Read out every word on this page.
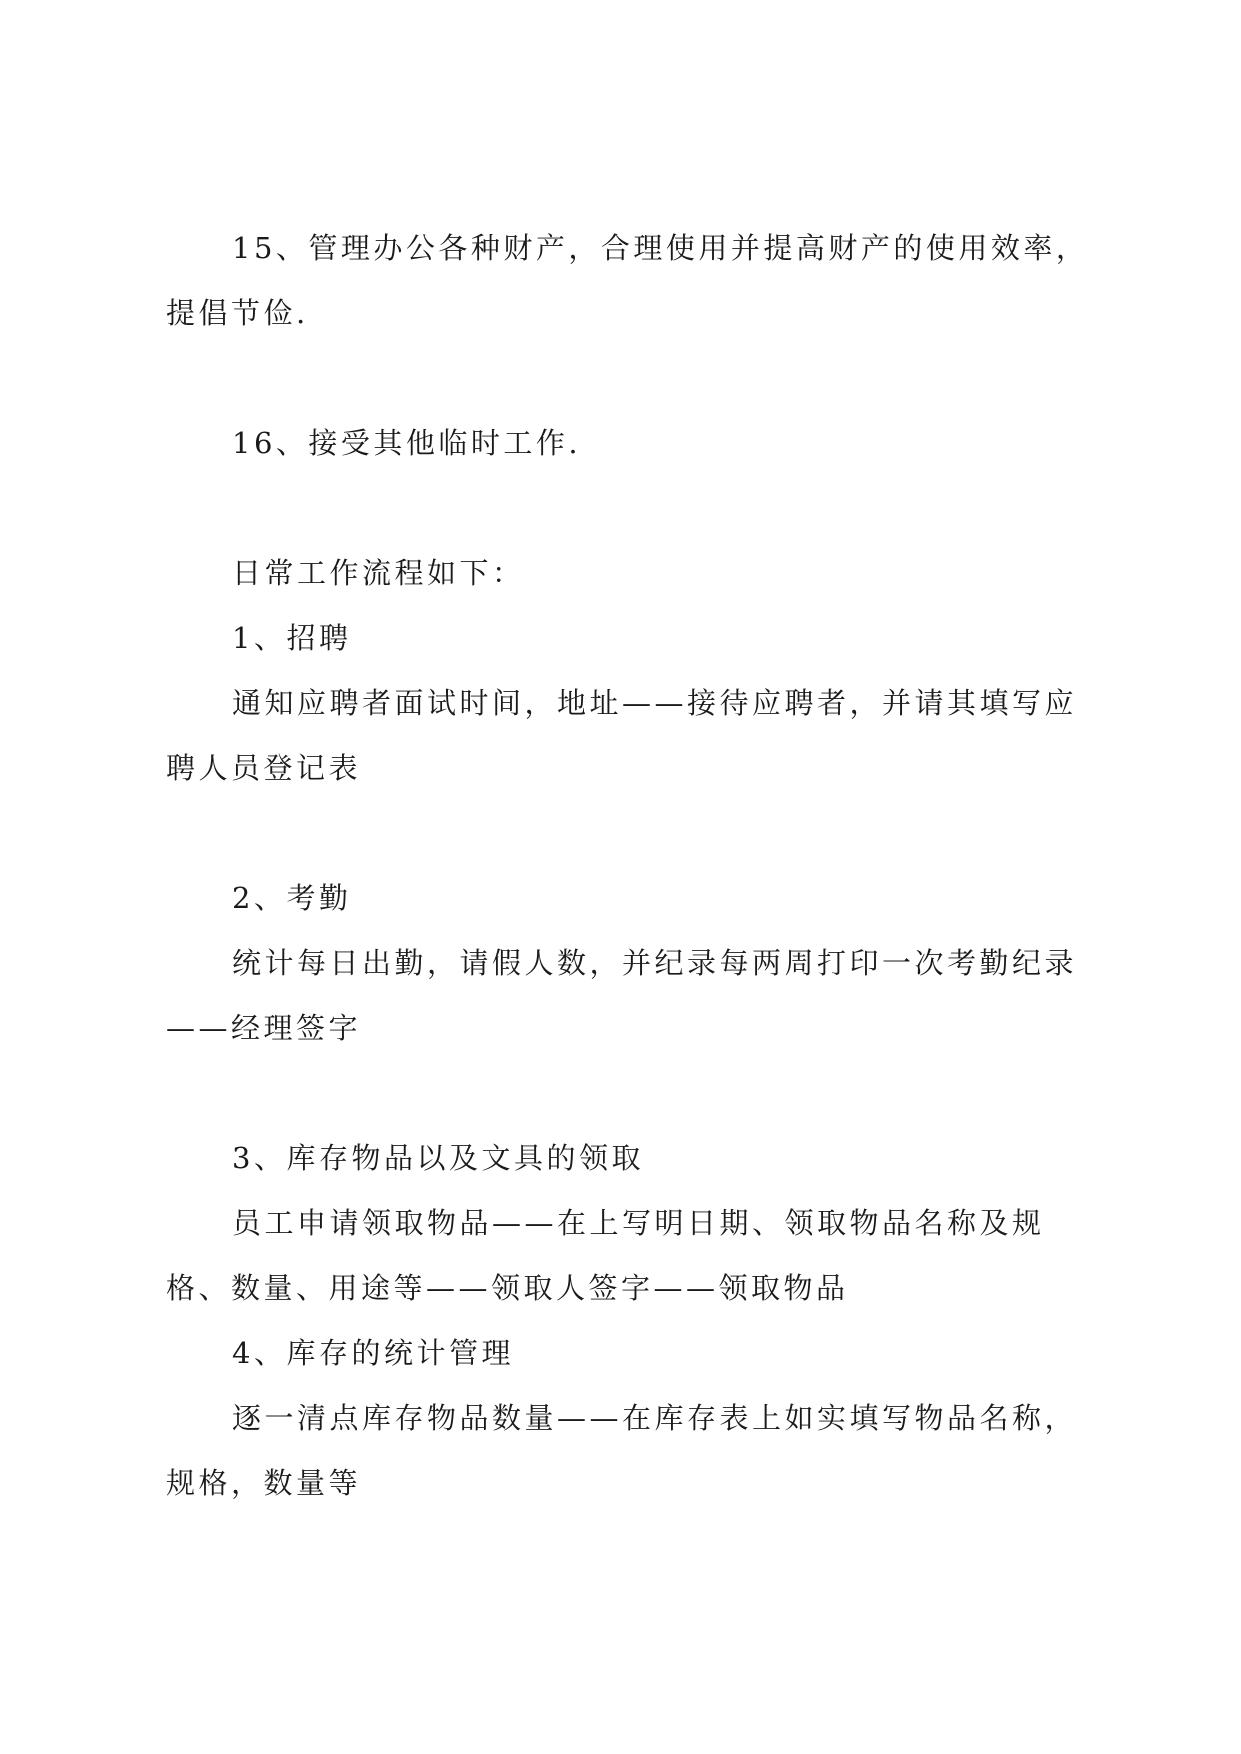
15、管理办公各种财产，合理使用并提高财产的使用效率，
提倡节俭.

16、接受其他临时工作.

日常工作流程如下：

1、招聘

通知应聘者面试时间，地址——接待应聘者，并请其填写应
聘人员登记表

2、考勤

统计每日出勤，请假人数，并纪录每两周打印一次考勤纪录
——经理签字

3、库存物品以及文具的领取

员工申请领取物品——在上写明日期、领取物品名称及规
格、数量、用途等——领取人签字——领取物品

4、库存的统计管理

逐一清点库存物品数量——在库存表上如实填写物品名称，
规格，数量等
